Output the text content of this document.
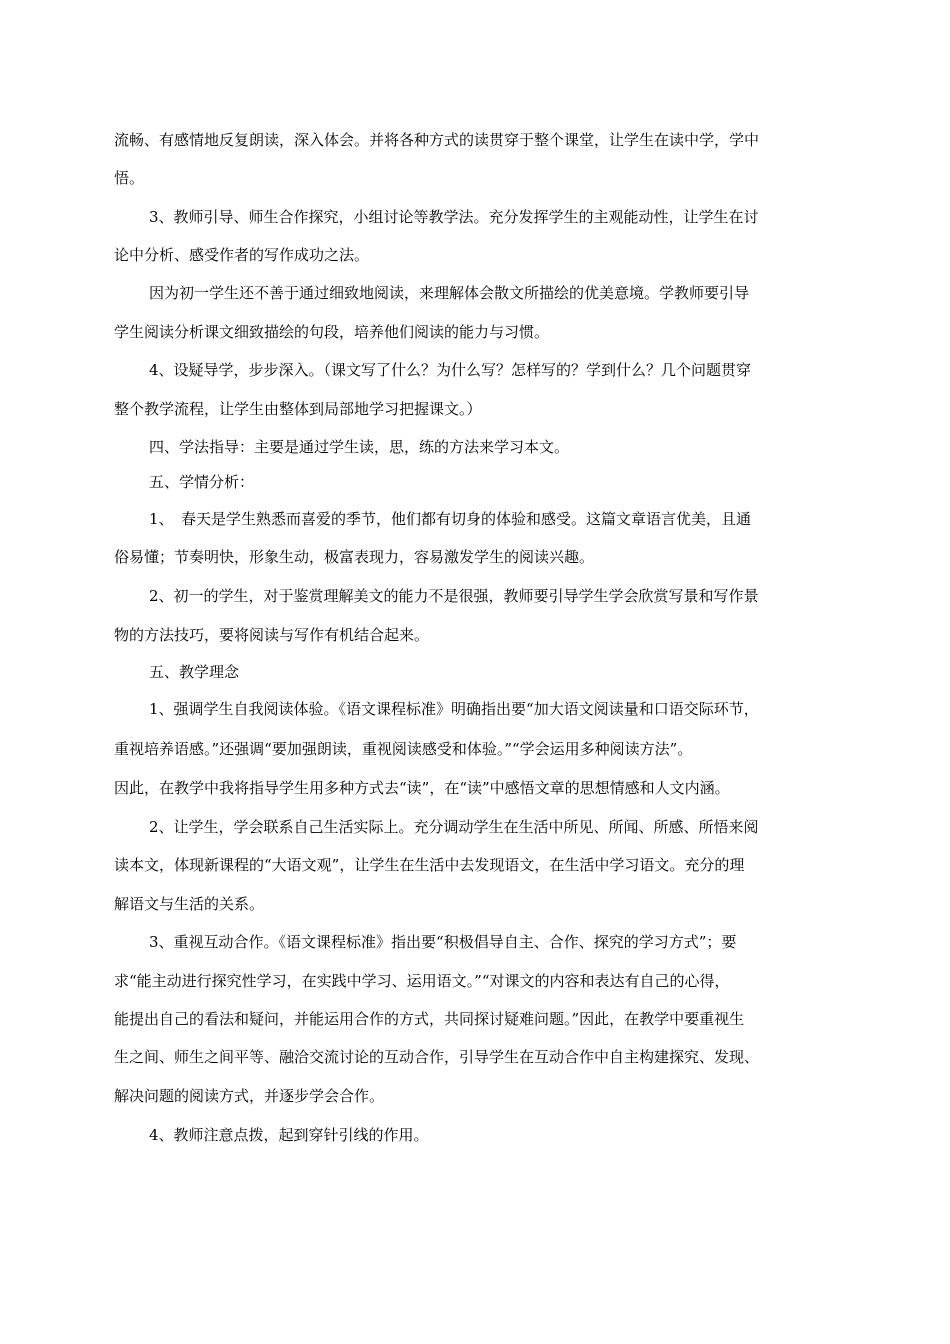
流畅、有感情地反复朗读，深入体会。并将各种方式的读贯穿于整个课堂，让学生在读中学，学中
悟。
3、教师引导、师生合作探究，小组讨论等教学法。充分发挥学生的主观能动性，让学生在讨
论中分析、感受作者的写作成功之法。
因为初一学生还不善于通过细致地阅读，来理解体会散文所描绘的优美意境。学教师要引导
学生阅读分析课文细致描绘的句段，培养他们阅读的能力与习惯。
4、设疑导学，步步深入。（课文写了什么？为什么写？怎样写的？学到什么？几个问题贯穿
整个教学流程，让学生由整体到局部地学习把握课文。）
四、学法指导：主要是通过学生读，思，练的方法来学习本文。
五、学情分析：
1、　春天是学生熟悉而喜爱的季节，他们都有切身的体验和感受。这篇文章语言优美，且通
俗易懂；节奏明快，形象生动，极富表现力，容易激发学生的阅读兴趣。
2、初一的学生，对于鉴赏理解美文的能力不是很强，教师要引导学生学会欣赏写景和写作景
物的方法技巧，要将阅读与写作有机结合起来。
五、教学理念
1、强调学生自我阅读体验。《语文课程标准》明确指出要“加大语文阅读量和口语交际环节，
重视培养语感。”还强调“要加强朗读，重视阅读感受和体验。”“学会运用多种阅读方法”。
因此，在教学中我将指导学生用多种方式去“读”，在“读”中感悟文章的思想情感和人文内涵。
2、让学生，学会联系自己生活实际上。充分调动学生在生活中所见、所闻、所感、所悟来阅
读本文，体现新课程的“大语文观”，让学生在生活中去发现语文，在生活中学习语文。充分的理
解语文与生活的关系。
3、重视互动合作。《语文课程标准》指出要“积极倡导自主、合作、探究的学习方式”；要
求“能主动进行探究性学习，在实践中学习、运用语文。”“对课文的内容和表达有自己的心得，
能提出自己的看法和疑问，并能运用合作的方式，共同探讨疑难问题。”因此，在教学中要重视生
生之间、师生之间平等、融洽交流讨论的互动合作，引导学生在互动合作中自主构建探究、发现、
解决问题的阅读方式，并逐步学会合作。
4、教师注意点拨，起到穿针引线的作用。
